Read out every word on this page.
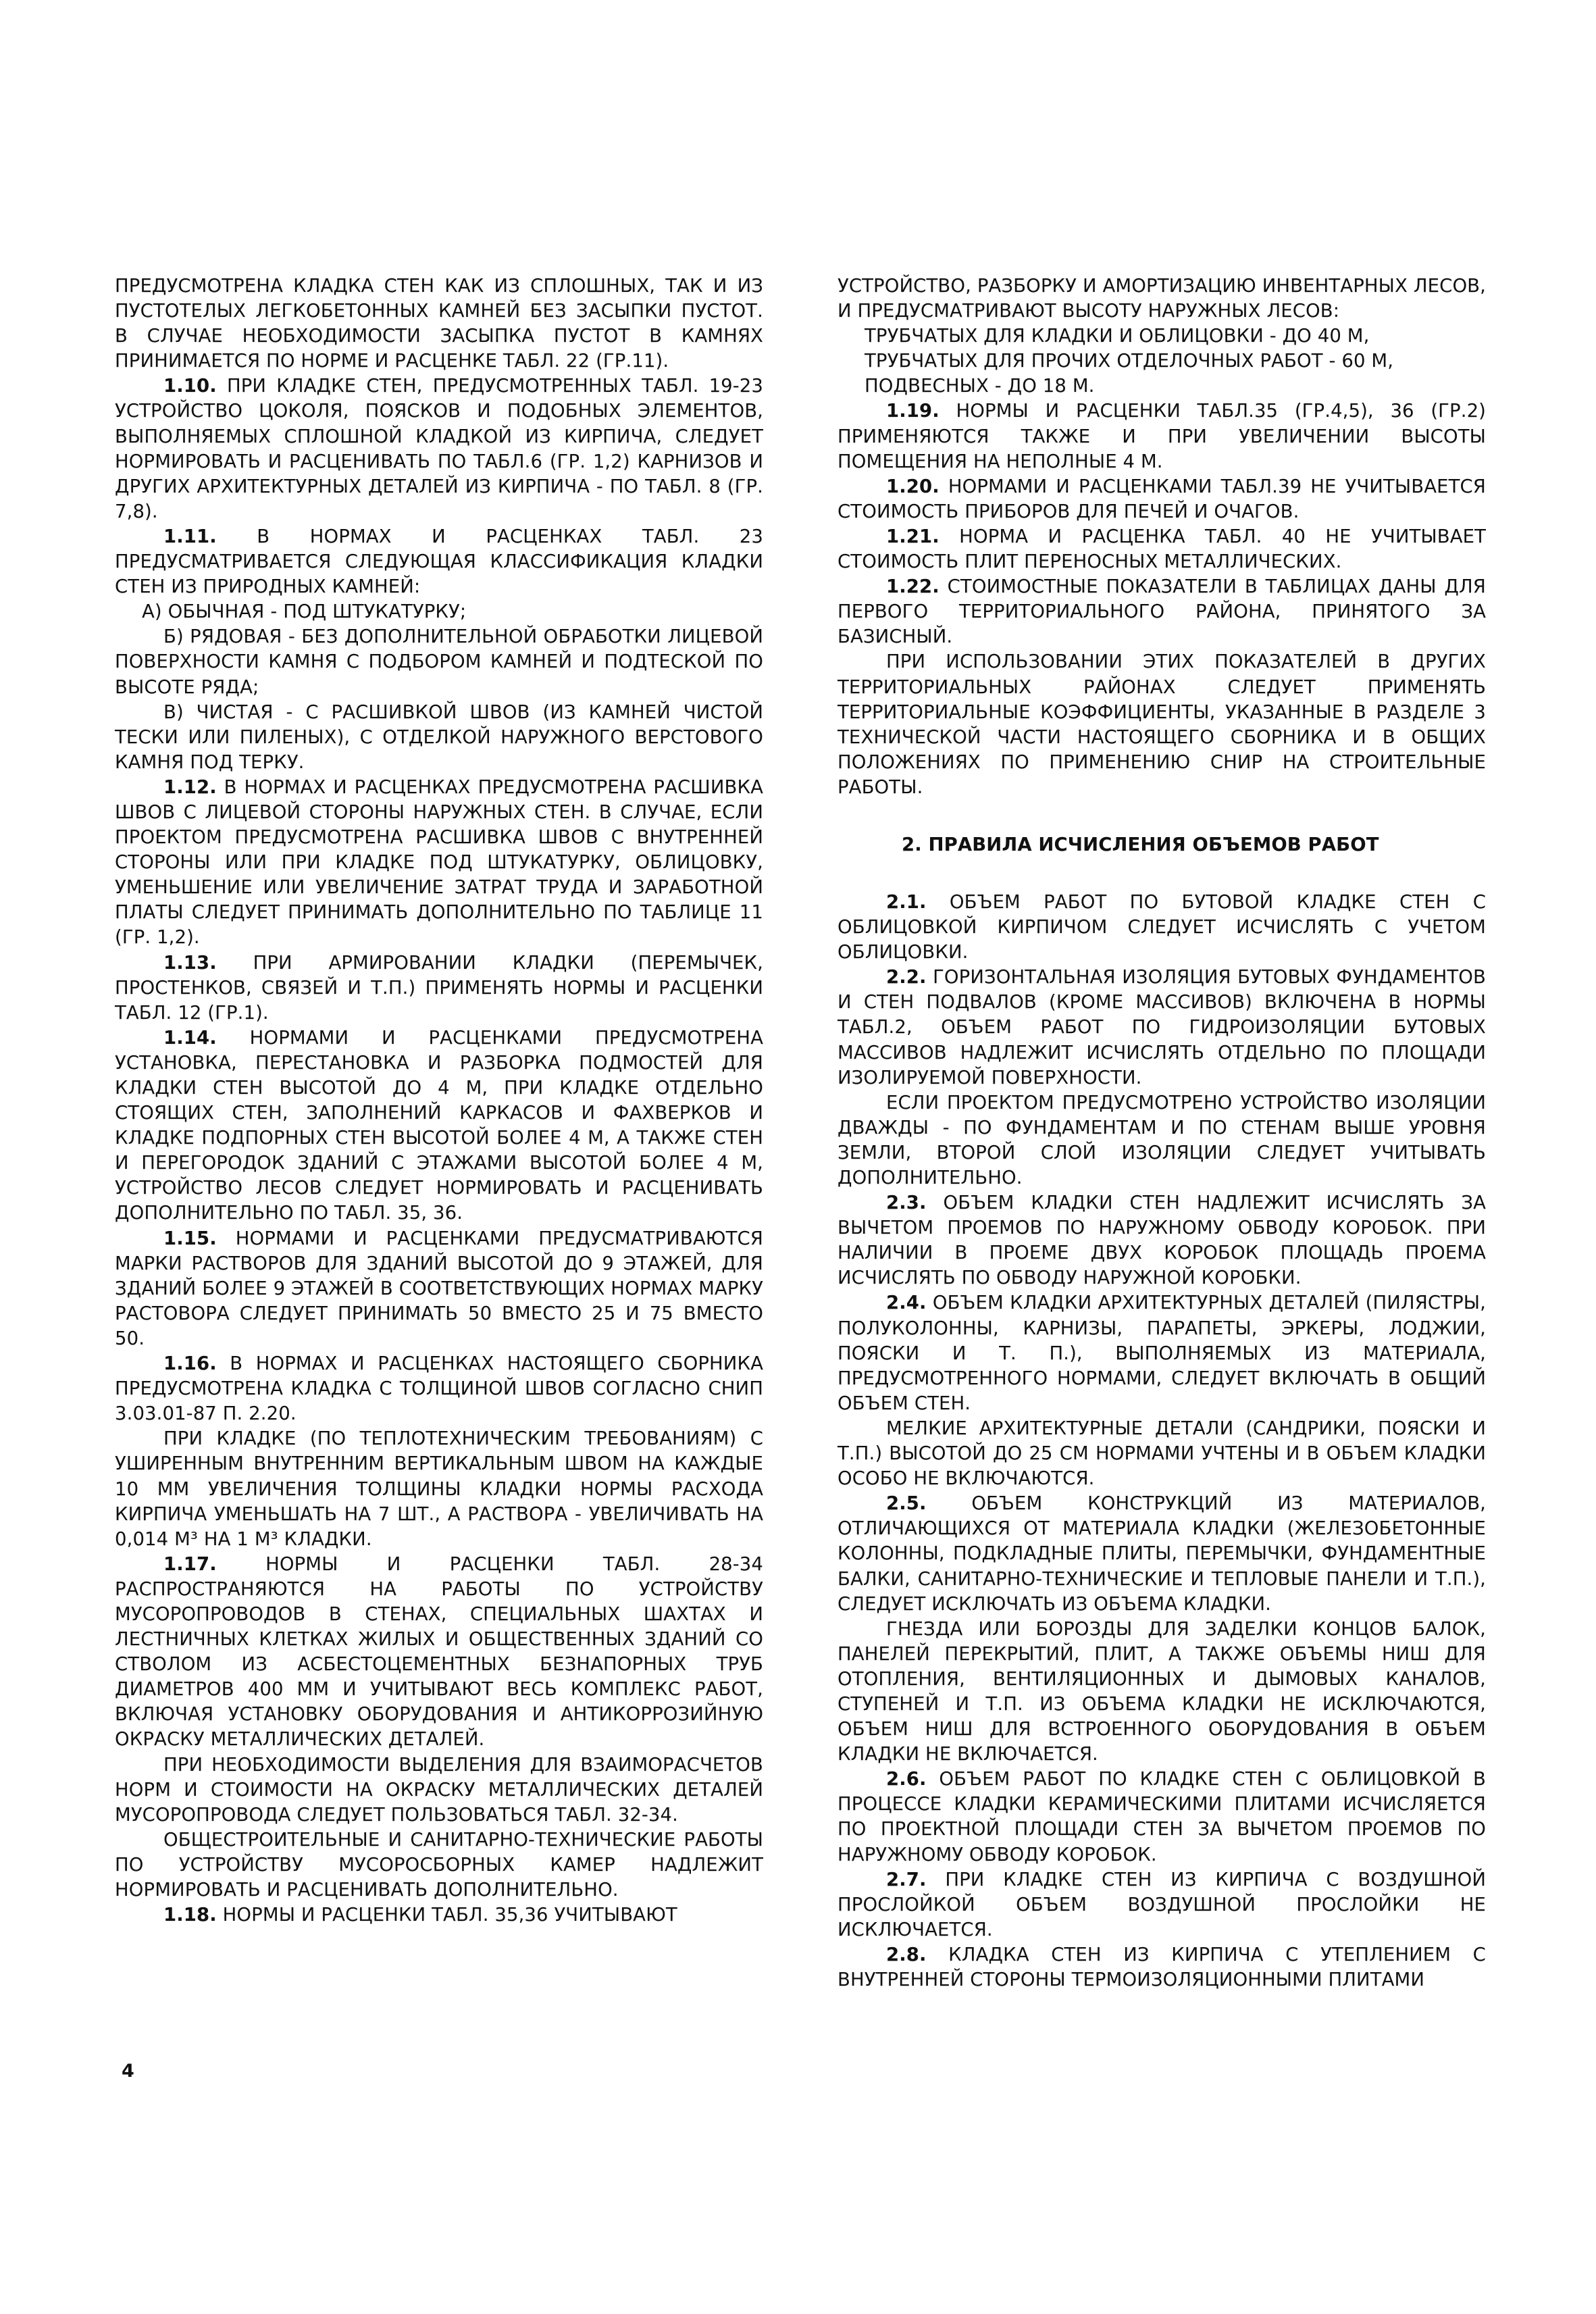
ПРЕДУСМОТРЕНА КЛАДКА СТЕН КАК ИЗ СПЛОШНЫХ, ТАК И ИЗ ПУСТОТЕЛЫХ ЛЕГКОБЕТОННЫХ КАМНЕЙ БЕЗ ЗАСЫПКИ ПУСТОТ. В СЛУЧАЕ НЕОБХОДИМОСТИ ЗАСЫПКА ПУСТОТ В КАМНЯХ ПРИНИМАЕТСЯ ПО НОРМЕ И РАСЦЕНКЕ ТАБЛ. 22 (ГР.11).

1.10. ПРИ КЛАДКЕ СТЕН, ПРЕДУСМОТРЕННЫХ ТАБЛ. 19-23 УСТРОЙСТВО ЦОКОЛЯ, ПОЯСКОВ И ПОДОБНЫХ ЭЛЕМЕНТОВ, ВЫПОЛНЯЕМЫХ СПЛОШНОЙ КЛАДКОЙ ИЗ КИРПИЧА, СЛЕДУЕТ НОРМИРОВАТЬ И РАСЦЕНИВАТЬ ПО ТАБЛ.6 (ГР. 1,2) КАРНИЗОВ И ДРУГИХ АРХИТЕКТУРНЫХ ДЕТАЛЕЙ ИЗ КИРПИЧА - ПО ТАБЛ. 8 (ГР. 7,8).

1.11. В НОРМАХ И РАСЦЕНКАХ ТАБЛ. 23 ПРЕДУСМАТРИВАЕТСЯ СЛЕДУЮЩАЯ КЛАССИФИКАЦИЯ КЛАДКИ СТЕН ИЗ ПРИРОДНЫХ КАМНЕЙ:

А) ОБЫЧНАЯ - ПОД ШТУКАТУРКУ;

Б) РЯДОВАЯ - БЕЗ ДОПОЛНИТЕЛЬНОЙ ОБРАБОТКИ ЛИЦЕВОЙ ПОВЕРХНОСТИ КАМНЯ С ПОДБОРОМ КАМНЕЙ И ПОДТЕСКОЙ ПО ВЫСОТЕ РЯДА;

В) ЧИСТАЯ - С РАСШИВКОЙ ШВОВ (ИЗ КАМНЕЙ ЧИСТОЙ ТЕСКИ ИЛИ ПИЛЕНЫХ), С ОТДЕЛКОЙ НАРУЖНОГО ВЕРСТОВОГО КАМНЯ ПОД ТЕРКУ.

1.12. В НОРМАХ И РАСЦЕНКАХ ПРЕДУСМОТРЕНА РАСШИВКА ШВОВ С ЛИЦЕВОЙ СТОРОНЫ НАРУЖНЫХ СТЕН. В СЛУЧАЕ, ЕСЛИ ПРОЕКТОМ ПРЕДУСМОТРЕНА РАСШИВКА ШВОВ С ВНУТРЕННЕЙ СТОРОНЫ ИЛИ ПРИ КЛАДКЕ ПОД ШТУКАТУРКУ, ОБЛИЦОВКУ, УМЕНЬШЕНИЕ ИЛИ УВЕЛИЧЕНИЕ ЗАТРАТ ТРУДА И ЗАРАБОТНОЙ ПЛАТЫ СЛЕДУЕТ ПРИНИМАТЬ ДОПОЛНИТЕЛЬНО ПО ТАБЛИЦЕ 11 (ГР. 1,2).

1.13. ПРИ АРМИРОВАНИИ КЛАДКИ (ПЕРЕМЫЧЕК, ПРОСТЕНКОВ, СВЯЗЕЙ И Т.П.) ПРИМЕНЯТЬ НОРМЫ И РАСЦЕНКИ ТАБЛ. 12 (ГР.1).

1.14. НОРМАМИ И РАСЦЕНКАМИ ПРЕДУСМОТРЕНА УСТАНОВКА, ПЕРЕСТАНОВКА И РАЗБОРКА ПОДМОСТЕЙ ДЛЯ КЛАДКИ СТЕН ВЫСОТОЙ ДО 4 М, ПРИ КЛАДКЕ ОТДЕЛЬНО СТОЯЩИХ СТЕН, ЗАПОЛНЕНИЙ КАРКАСОВ И ФАХВЕРКОВ И КЛАДКЕ ПОДПОРНЫХ СТЕН ВЫСОТОЙ БОЛЕЕ 4 М, А ТАКЖЕ СТЕН И ПЕРЕГОРОДОК ЗДАНИЙ С ЭТАЖАМИ ВЫСОТОЙ БОЛЕЕ 4 М, УСТРОЙСТВО ЛЕСОВ СЛЕДУЕТ НОРМИРОВАТЬ И РАСЦЕНИВАТЬ ДОПОЛНИТЕЛЬНО ПО ТАБЛ. 35, 36.

1.15. НОРМАМИ И РАСЦЕНКАМИ ПРЕДУСМАТРИВАЮТСЯ МАРКИ РАСТВОРОВ ДЛЯ ЗДАНИЙ ВЫСОТОЙ ДО 9 ЭТАЖЕЙ, ДЛЯ ЗДАНИЙ БОЛЕЕ 9 ЭТАЖЕЙ В СООТВЕТСТВУЮЩИХ НОРМАХ МАРКУ РАСТОВОРА СЛЕДУЕТ ПРИНИМАТЬ 50 ВМЕСТО 25 И 75 ВМЕСТО 50.

1.16. В НОРМАХ И РАСЦЕНКАХ НАСТОЯЩЕГО СБОРНИКА ПРЕДУСМОТРЕНА КЛАДКА С ТОЛЩИНОЙ ШВОВ СОГЛАСНО СНИП 3.03.01-87 П. 2.20.

ПРИ КЛАДКЕ (ПО ТЕПЛОТЕХНИЧЕСКИМ ТРЕБОВАНИЯМ) С УШИРЕННЫМ ВНУТРЕННИМ ВЕРТИКАЛЬНЫМ ШВОМ НА КАЖДЫЕ 10 ММ УВЕЛИЧЕНИЯ ТОЛЩИНЫ КЛАДКИ НОРМЫ РАСХОДА КИРПИЧА УМЕНЬШАТЬ НА 7 ШТ., А РАСТВОРА - УВЕЛИЧИВАТЬ НА 0,014 М³ НА 1 М³ КЛАДКИ.

1.17. НОРМЫ И РАСЦЕНКИ ТАБЛ. 28-34 РАСПРОСТРАНЯЮТСЯ НА РАБОТЫ ПО УСТРОЙСТВУ МУСОРОПРОВОДОВ В СТЕНАХ, СПЕЦИАЛЬНЫХ ШАХТАХ И ЛЕСТНИЧНЫХ КЛЕТКАХ ЖИЛЫХ И ОБЩЕСТВЕННЫХ ЗДАНИЙ СО СТВОЛОМ ИЗ АСБЕСТОЦЕМЕНТНЫХ БЕЗНАПОРНЫХ ТРУБ ДИАМЕТРОВ 400 ММ И УЧИТЫВАЮТ ВЕСЬ КОМПЛЕКС РАБОТ, ВКЛЮЧАЯ УСТАНОВКУ ОБОРУДОВАНИЯ И АНТИКОРРОЗИЙНУЮ ОКРАСКУ МЕТАЛЛИЧЕСКИХ ДЕТАЛЕЙ.

ПРИ НЕОБХОДИМОСТИ ВЫДЕЛЕНИЯ ДЛЯ ВЗАИМОРАСЧЕТОВ НОРМ И СТОИМОСТИ НА ОКРАСКУ МЕТАЛЛИЧЕСКИХ ДЕТАЛЕЙ МУСОРОПРОВОДА СЛЕДУЕТ ПОЛЬЗОВАТЬСЯ ТАБЛ. 32-34.

ОБЩЕСТРОИТЕЛЬНЫЕ И САНИТАРНО-ТЕХНИЧЕСКИЕ РАБОТЫ ПО УСТРОЙСТВУ МУСОРОСБОРНЫХ КАМЕР НАДЛЕЖИТ НОРМИРОВАТЬ И РАСЦЕНИВАТЬ ДОПОЛНИТЕЛЬНО.

1.18. НОРМЫ И РАСЦЕНКИ ТАБЛ. 35,36 УЧИТЫВАЮТ

УСТРОЙСТВО, РАЗБОРКУ И АМОРТИЗАЦИЮ ИНВЕНТАРНЫХ ЛЕСОВ, И ПРЕДУСМАТРИВАЮТ ВЫСОТУ НАРУЖНЫХ ЛЕСОВ:

ТРУБЧАТЫХ ДЛЯ КЛАДКИ И ОБЛИЦОВКИ - ДО 40 М,

ТРУБЧАТЫХ ДЛЯ ПРОЧИХ ОТДЕЛОЧНЫХ РАБОТ - 60 М,

ПОДВЕСНЫХ - ДО 18 М.

1.19. НОРМЫ И РАСЦЕНКИ ТАБЛ.35 (ГР.4,5), 36 (ГР.2) ПРИМЕНЯЮТСЯ ТАКЖЕ И ПРИ УВЕЛИЧЕНИИ ВЫСОТЫ ПОМЕЩЕНИЯ НА НЕПОЛНЫЕ 4 М.

1.20. НОРМАМИ И РАСЦЕНКАМИ ТАБЛ.39 НЕ УЧИТЫВАЕТСЯ СТОИМОСТЬ ПРИБОРОВ ДЛЯ ПЕЧЕЙ И ОЧАГОВ.

1.21. НОРМА И РАСЦЕНКА ТАБЛ. 40 НЕ УЧИТЫВАЕТ СТОИМОСТЬ ПЛИТ ПЕРЕНОСНЫХ МЕТАЛЛИЧЕСКИХ.

1.22. СТОИМОСТНЫЕ ПОКАЗАТЕЛИ В ТАБЛИЦАХ ДАНЫ ДЛЯ ПЕРВОГО ТЕРРИТОРИАЛЬНОГО РАЙОНА, ПРИНЯТОГО ЗА БАЗИСНЫЙ.

ПРИ ИСПОЛЬЗОВАНИИ ЭТИХ ПОКАЗАТЕЛЕЙ В ДРУГИХ ТЕРРИТОРИАЛЬНЫХ РАЙОНАХ СЛЕДУЕТ ПРИМЕНЯТЬ ТЕРРИТОРИАЛЬНЫЕ КОЭФФИЦИЕНТЫ, УКАЗАННЫЕ В РАЗДЕЛЕ 3 ТЕХНИЧЕСКОЙ ЧАСТИ НАСТОЯЩЕГО СБОРНИКА И В ОБЩИХ ПОЛОЖЕНИЯХ ПО ПРИМЕНЕНИЮ СНИР НА СТРОИТЕЛЬНЫЕ РАБОТЫ.

2. ПРАВИЛА ИСЧИСЛЕНИЯ ОБЪЕМОВ РАБОТ

2.1. ОБЪЕМ РАБОТ ПО БУТОВОЙ КЛАДКЕ СТЕН С ОБЛИЦОВКОЙ КИРПИЧОМ СЛЕДУЕТ ИСЧИСЛЯТЬ С УЧЕТОМ ОБЛИЦОВКИ.

2.2. ГОРИЗОНТАЛЬНАЯ ИЗОЛЯЦИЯ БУТОВЫХ ФУНДАМЕНТОВ И СТЕН ПОДВАЛОВ (КРОМЕ МАССИВОВ) ВКЛЮЧЕНА В НОРМЫ ТАБЛ.2, ОБЪЕМ РАБОТ ПО ГИДРОИЗОЛЯЦИИ БУТОВЫХ МАССИВОВ НАДЛЕЖИТ ИСЧИСЛЯТЬ ОТДЕЛЬНО ПО ПЛОЩАДИ ИЗОЛИРУЕМОЙ ПОВЕРХНОСТИ.

ЕСЛИ ПРОЕКТОМ ПРЕДУСМОТРЕНО УСТРОЙСТВО ИЗОЛЯЦИИ ДВАЖДЫ - ПО ФУНДАМЕНТАМ И ПО СТЕНАМ ВЫШЕ УРОВНЯ ЗЕМЛИ, ВТОРОЙ СЛОЙ ИЗОЛЯЦИИ СЛЕДУЕТ УЧИТЫВАТЬ ДОПОЛНИТЕЛЬНО.

2.3. ОБЪЕМ КЛАДКИ СТЕН НАДЛЕЖИТ ИСЧИСЛЯТЬ ЗА ВЫЧЕТОМ ПРОЕМОВ ПО НАРУЖНОМУ ОБВОДУ КОРОБОК. ПРИ НАЛИЧИИ В ПРОЕМЕ ДВУХ КОРОБОК ПЛОЩАДЬ ПРОЕМА ИСЧИСЛЯТЬ ПО ОБВОДУ НАРУЖНОЙ КОРОБКИ.

2.4. ОБЪЕМ КЛАДКИ АРХИТЕКТУРНЫХ ДЕТАЛЕЙ (ПИЛЯСТРЫ, ПОЛУКОЛОННЫ, КАРНИЗЫ, ПАРАПЕТЫ, ЭРКЕРЫ, ЛОДЖИИ, ПОЯСКИ И Т. П.), ВЫПОЛНЯЕМЫХ ИЗ МАТЕРИАЛА, ПРЕДУСМОТРЕННОГО НОРМАМИ, СЛЕДУЕТ ВКЛЮЧАТЬ В ОБЩИЙ ОБЪЕМ СТЕН.

МЕЛКИЕ АРХИТЕКТУРНЫЕ ДЕТАЛИ (САНДРИКИ, ПОЯСКИ И Т.П.) ВЫСОТОЙ ДО 25 СМ НОРМАМИ УЧТЕНЫ И В ОБЪЕМ КЛАДКИ ОСОБО НЕ ВКЛЮЧАЮТСЯ.

2.5. ОБЪЕМ КОНСТРУКЦИЙ ИЗ МАТЕРИАЛОВ, ОТЛИЧАЮЩИХСЯ ОТ МАТЕРИАЛА КЛАДКИ (ЖЕЛЕЗОБЕТОННЫЕ КОЛОННЫ, ПОДКЛАДНЫЕ ПЛИТЫ, ПЕРЕМЫЧКИ, ФУНДАМЕНТНЫЕ БАЛКИ, САНИТАРНО-ТЕХНИЧЕСКИЕ И ТЕПЛОВЫЕ ПАНЕЛИ И Т.П.), СЛЕДУЕТ ИСКЛЮЧАТЬ ИЗ ОБЪЕМА КЛАДКИ.

ГНЕЗДА ИЛИ БОРОЗДЫ ДЛЯ ЗАДЕЛКИ КОНЦОВ БАЛОК, ПАНЕЛЕЙ ПЕРЕКРЫТИЙ, ПЛИТ, А ТАКЖЕ ОБЪЕМЫ НИШ ДЛЯ ОТОПЛЕНИЯ, ВЕНТИЛЯЦИОННЫХ И ДЫМОВЫХ КАНАЛОВ, СТУПЕНЕЙ И Т.П. ИЗ ОБЪЕМА КЛАДКИ НЕ ИСКЛЮЧАЮТСЯ, ОБЪЕМ НИШ ДЛЯ ВСТРОЕННОГО ОБОРУДОВАНИЯ В ОБЪЕМ КЛАДКИ НЕ ВКЛЮЧАЕТСЯ.

2.6. ОБЪЕМ РАБОТ ПО КЛАДКЕ СТЕН С ОБЛИЦОВКОЙ В ПРОЦЕССЕ КЛАДКИ КЕРАМИЧЕСКИМИ ПЛИТАМИ ИСЧИСЛЯЕТСЯ ПО ПРОЕКТНОЙ ПЛОЩАДИ СТЕН ЗА ВЫЧЕТОМ ПРОЕМОВ ПО НАРУЖНОМУ ОБВОДУ КОРОБОК.

2.7. ПРИ КЛАДКЕ СТЕН ИЗ КИРПИЧА С ВОЗДУШНОЙ ПРОСЛОЙКОЙ ОБЪЕМ ВОЗДУШНОЙ ПРОСЛОЙКИ НЕ ИСКЛЮЧАЕТСЯ.

2.8. КЛАДКА СТЕН ИЗ КИРПИЧА С УТЕПЛЕНИЕМ С ВНУТРЕННЕЙ СТОРОНЫ ТЕРМОИЗОЛЯЦИОННЫМИ ПЛИТАМИ

4
